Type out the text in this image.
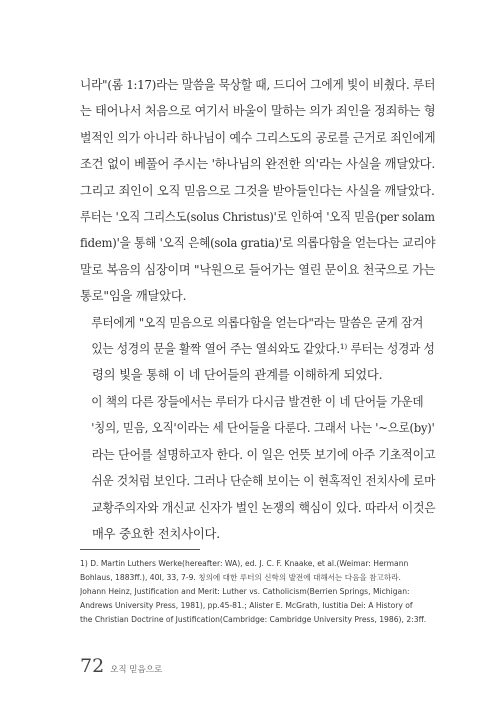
니라"(롬 1:17)라는 말씀을 묵상할 때, 드디어 그에게 빛이 비췄다. 루터
는 태어나서 처음으로 여기서 바울이 말하는 의가 죄인을 정죄하는 형
벌적인 의가 아니라 하나님이 예수 그리스도의 공로를 근거로 죄인에게
조건 없이 베풀어 주시는 '하나님의 완전한 의'라는 사실을 깨달았다.
그리고 죄인이 오직 믿음으로 그것을 받아들인다는 사실을 깨달았다.
루터는 '오직 그리스도(solus Christus)'로 인하여 '오직 믿음(per solam
fidem)'을 통해 '오직 은혜(sola gratia)'로 의롭다함을 얻는다는 교리야
말로 복음의 심장이며 "낙원으로 들어가는 열린 문이요 천국으로 가는
통로"임을 깨달았다.
루터에게 "오직 믿음으로 의롭다함을 얻는다"라는 말씀은 굳게 잠겨
있는 성경의 문을 활짝 열어 주는 열쇠와도 같았다.¹⁾ 루터는 성경과 성
령의 빛을 통해 이 네 단어들의 관계를 이해하게 되었다.
이 책의 다른 장들에서는 루터가 다시금 발견한 이 네 단어들 가운데
'칭의, 믿음, 오직'이라는 세 단어들을 다룬다. 그래서 나는 '~으로(by)'
라는 단어를 설명하고자 한다. 이 일은 언뜻 보기에 아주 기초적이고
쉬운 것처럼 보인다. 그러나 단순해 보이는 이 현혹적인 전치사에 로마
교황주의자와 개신교 신자가 벌인 논쟁의 핵심이 있다. 따라서 이것은
매우 중요한 전치사이다.
1) D. Martin Luthers Werke(hereafter: WA), ed. J. C. F. Knaake, et al.(Weimar: Hermann
Bohlaus, 1883ff.), 40Ⅰ, 33, 7-9. 칭의에 대한 루터의 신학의 발전에 대해서는 다음을 참고하라.
Johann Heinz, Justification and Merit: Luther vs. Catholicism(Berrien Springs, Michigan:
Andrews University Press, 1981), pp.45-81.; Alister E. McGrath, Iustitia Dei: A History of
the Christian Doctrine of Justification(Cambridge: Cambridge University Press, 1986), 2:3ff.
72 오직 믿음으로
